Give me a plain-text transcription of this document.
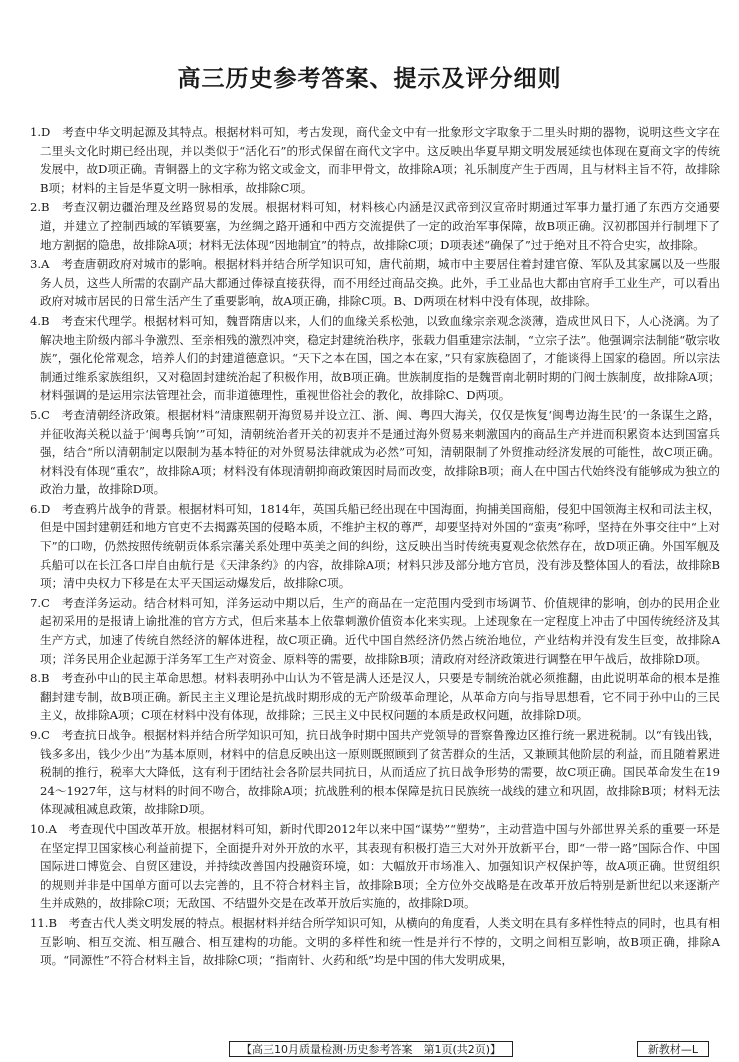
高三历史参考答案、提示及评分细则

1.D　考查中华文明起源及其特点。根据材料可知，考古发现，商代金文中有一批象形文字取象于二里头时期的器物，说明这些文字在二里头文化时期已经出现，并以类似于“活化石”的形式保留在商代文字中。这反映出华夏早期文明发展延续也体现在夏商文字的传统发展中，故D项正确。青铜器上的文字称为铭文或金文，而非甲骨文，故排除A项；礼乐制度产生于西周，且与材料主旨不符，故排除B项；材料的主旨是华夏文明一脉相承，故排除C项。

2.B　考查汉朝边疆治理及丝路贸易的发展。根据材料可知，材料核心内涵是汉武帝到汉宣帝时期通过军事力量打通了东西方交通要道，并建立了控制西域的军镇要塞，为丝绸之路开通和中西方交流提供了一定的政治军事保障，故B项正确。汉初郡国并行制埋下了地方割据的隐患，故排除A项；材料无法体现“因地制宜”的特点，故排除C项；D项表述“确保了”过于绝对且不符合史实，故排除。

3.A　考查唐朝政府对城市的影响。根据材料并结合所学知识可知，唐代前期，城市中主要居住着封建官僚、军队及其家属以及一些服务人员，这些人所需的农副产品大都通过俸禄直接获得，而不用经过商品交换。此外，手工业品也大都由官府手工业生产，可以看出政府对城市居民的日常生活产生了重要影响，故A项正确，排除C项。B、D两项在材料中没有体现，故排除。

4.B　考查宋代理学。根据材料可知，魏晋隋唐以来，人们的血缘关系松弛，以致血缘宗亲观念淡薄，造成世风日下，人心浇漓。为了解决地主阶级内部斗争激烈、至亲相残的激烈冲突，稳定封建统治秩序，张载力倡重建宗法制，“立宗子法”。他强调宗法制能“敬宗收族”，强化伦常观念，培养人们的封建道德意识。“天下之本在国，国之本在家，”只有家族稳固了，才能谈得上国家的稳固。所以宗法制通过维系家族组织，又对稳固封建统治起了积极作用，故B项正确。世族制度指的是魏晋南北朝时期的门阀士族制度，故排除A项；材料强调的是运用宗法管理社会，而非道德理性，重视世俗社会的教化，故排除C、D两项。

5.C　考查清朝经济政策。根据材料“清康熙朝开海贸易并设立江、浙、闽、粤四大海关，仅仅是恢复‘闽粤边海生民’的一条谋生之路，并征收海关税以益于‘闽粤兵饷’”可知，清朝统治者开关的初衷并不是通过海外贸易来刺激国内的商品生产并进而积累资本达到国富兵强，结合“所以清朝制定以限制为基本特征的对外贸易法律就成为必然”可知，清朝限制了外贸推动经济发展的可能性，故C项正确。材料没有体现“重农”，故排除A项；材料没有体现清朝抑商政策因时局而改变，故排除B项；商人在中国古代始终没有能够成为独立的政治力量，故排除D项。

6.D　考查鸦片战争的背景。根据材料可知，1814年，英国兵船已经出现在中国海面，拘捕美国商船，侵犯中国领海主权和司法主权，但是中国封建朝廷和地方官吏不去揭露英国的侵略本质，不维护主权的尊严，却要坚持对外国的“蛮夷”称呼，坚持在外事交往中“上对下”的口吻，仍然按照传统朝贡体系宗藩关系处理中英美之间的纠纷，这反映出当时传统夷夏观念依然存在，故D项正确。外国军舰及兵船可以在长江各口岸自由航行是《天津条约》的内容，故排除A项；材料只涉及部分地方官员，没有涉及整体国人的看法，故排除B项；清中央权力下移是在太平天国运动爆发后，故排除C项。

7.C　考查洋务运动。结合材料可知，洋务运动中期以后，生产的商品在一定范围内受到市场调节、价值规律的影响，创办的民用企业起初采用的是报请上谕批准的官方方式，但后来基本上依靠刺激价值资本化来实现。上述现象在一定程度上冲击了中国传统经济及其生产方式，加速了传统自然经济的解体进程，故C项正确。近代中国自然经济仍然占统治地位，产业结构并没有发生巨变，故排除A项；洋务民用企业起源于洋务军工生产对资金、原料等的需要，故排除B项；清政府对经济政策进行调整在甲午战后，故排除D项。

8.B　考查孙中山的民主革命思想。材料表明孙中山认为不管是满人还是汉人，只要是专制统治就必须推翻，由此说明革命的根本是推翻封建专制，故B项正确。新民主主义理论是抗战时期形成的无产阶级革命理论，从革命方向与指导思想看，它不同于孙中山的三民主义，故排除A项；C项在材料中没有体现，故排除；三民主义中民权问题的本质是政权问题，故排除D项。

9.C　考查抗日战争。根据材料并结合所学知识可知，抗日战争时期中国共产党领导的晋察鲁豫边区推行统一累进税制。以“有钱出钱，钱多多出，钱少少出”为基本原则，材料中的信息反映出这一原则既照顾到了贫苦群众的生活，又兼顾其他阶层的利益，而且随着累进税制的推行，税率大大降低，这有利于团结社会各阶层共同抗日，从而适应了抗日战争形势的需要，故C项正确。国民革命发生在1924～1927年，这与材料的时间不吻合，故排除A项；抗战胜利的根本保障是抗日民族统一战线的建立和巩固，故排除B项；材料无法体现减租减息政策，故排除D项。

10.A　考查现代中国改革开放。根据材料可知，新时代即2012年以来中国“谋势”“塑势”，主动营造中国与外部世界关系的重要一环是在坚定捍卫国家核心利益前提下，全面提升对外开放的水平，其表现有积极打造三大对外开放新平台，即“一带一路”国际合作、中国国际进口博览会、自贸区建设，并持续改善国内投融资环境，如：大幅放开市场准入、加强知识产权保护等，故A项正确。世贸组织的规则并非是中国单方面可以去完善的，且不符合材料主旨，故排除B项；全方位外交战略是在改革开放后特别是新世纪以来逐渐产生并成熟的，故排除C项；无敌国、不结盟外交是在改革开放后实施的，故排除D项。

11.B　考查古代人类文明发展的特点。根据材料并结合所学知识可知，从横向的角度看，人类文明在具有多样性特点的同时，也具有相互影响、相互交流、相互融合、相互建构的功能。文明的多样性和统一性是并行不悖的，文明之间相互影响，故B项正确，排除A项。“同源性”不符合材料主旨，故排除C项；“指南针、火药和纸”均是中国的伟大发明成果，

【高三10月质量检测·历史参考答案　第1页(共2页)】	新教材—L
